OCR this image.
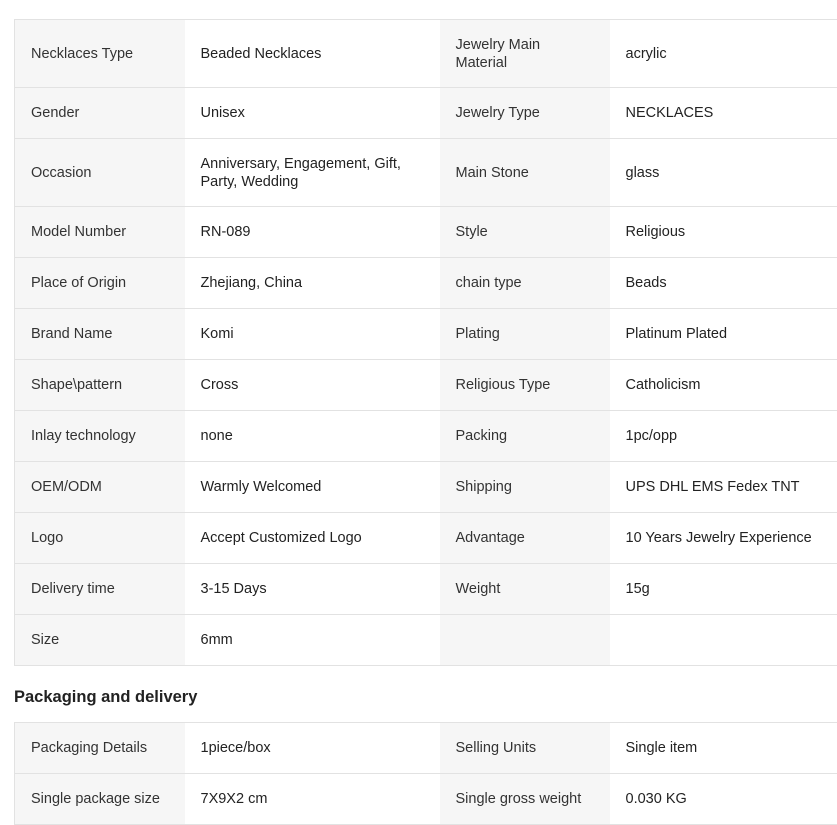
Necklaces Type	Beaded Necklaces	Jewelry Main Material	acrylic
Gender	Unisex	Jewelry Type	NECKLACES
Occasion	Anniversary, Engagement, Gift, Party, Wedding	Main Stone	glass
Model Number	RN-089	Style	Religious
Place of Origin	Zhejiang, China	chain type	Beads
Brand Name	Komi	Plating	Platinum Plated
Shape\pattern	Cross	Religious Type	Catholicism
Inlay technology	none	Packing	1pc/opp
OEM/ODM	Warmly Welcomed	Shipping	UPS DHL EMS Fedex TNT
Logo	Accept Customized Logo	Advantage	10 Years Jewelry Experience
Delivery time	3-15 Days	Weight	15g
Size	6mm		
Packaging and delivery
Packaging Details	1piece/box	Selling Units	Single item
Single package size	7X9X2 cm	Single gross weight	0.030 KG
